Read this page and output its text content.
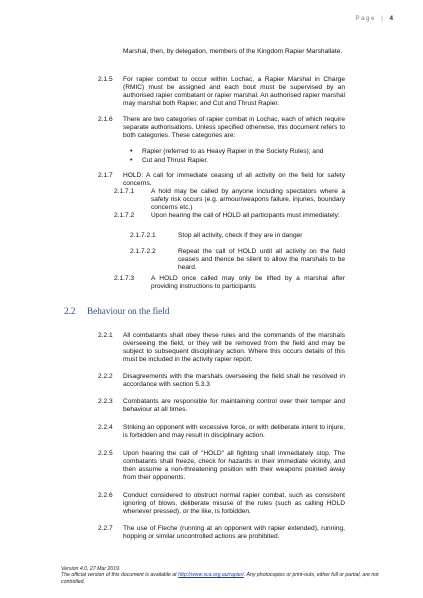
Page | 4
Marshal, then, by delegation, members of the Kingdom Rapier Marshallate.
2.1.5 For rapier combat to occur within Lochac, a Rapier Marshal in Charge (RMIC) must be assigned and each bout must be supervised by an authorised rapier combatant or rapier marshal. An authorised rapier marshal may marshal both Rapier, and Cut and Thrust Rapier.
2.1.6 There are two categories of rapier combat in Lochac, each of which require separate authorisations. Unless specified otherwise, this document refers to both categories. These categories are:
• Rapier (referred to as Heavy Rapier in the Society Rules); and
• Cut and Thrust Rapier.
2.1.7 HOLD: A call for immediate ceasing of all activity on the field for safety concerns.
2.1.7.1	A hold may be called by anyone including spectators where a safety risk occurs (e.g. armour/weapons failure, injuries, boundary concerns etc.)
2.1.7.2	Upon hearing the call of HOLD all participants must immediately:
2.1.7.2.1	Stop all activity, check if they are in danger
2.1.7.2.2	Repeat the call of HOLD until all activity on the field ceases and thence be silent to allow the marshals to be heard.
2.1.7.3	A HOLD once called may only be lifted by a marshal after providing instructions to participants
2.2 Behaviour on the field
2.2.1 All combatants shall obey these rules and the commands of the marshals overseeing the field, or they will be removed from the field and may be subject to subsequent disciplinary action. Where this occurs details of this must be included in the activity rapier report.
2.2.2 Disagreements with the marshals overseeing the field shall be resolved in accordance with section 5.3.3
2.2.3 Combatants are responsible for maintaining control over their temper and behaviour at all times.
2.2.4 Striking an opponent with excessive force, or with deliberate intent to injure, is forbidden and may result in disciplinary action.
2.2.5 Upon hearing the call of "HOLD" all fighting shall immediately stop. The combatants shall freeze, check for hazards in their immediate vicinity, and then assume a non-threatening position with their weapons pointed away from their opponents.
2.2.6 Conduct considered to obstruct normal rapier combat, such as consistent ignoring of blows, deliberate misuse of the rules (such as calling HOLD whenever pressed), or the like, is forbidden.
2.2.7 The use of Fleche (running at an opponent with rapier extended), running, hopping or similar uncontrolled actions are prohibited.
Version 4.0, 27 Mar 2019.
The official version of this document is available at http://www.sca.org.au/rapier/. Any photocopies or print-outs, either full or partial, are not controlled.
